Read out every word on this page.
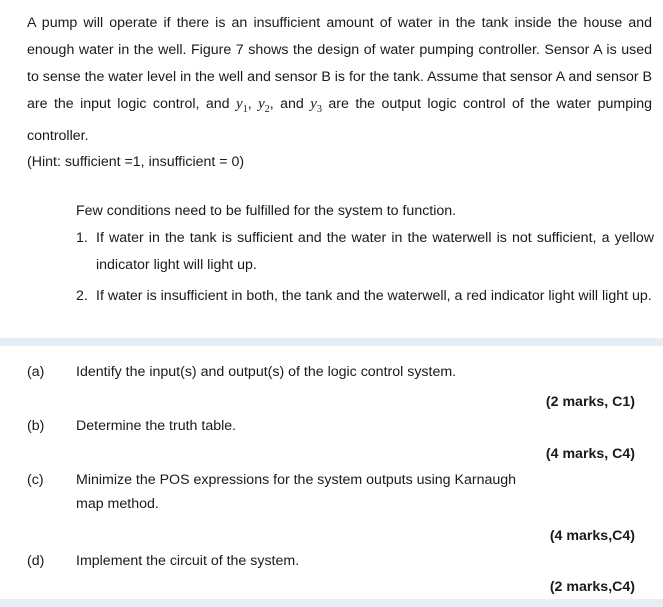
A pump will operate if there is an insufficient amount of water in the tank inside the house and enough water in the well. Figure 7 shows the design of water pumping controller. Sensor A is used to sense the water level in the well and sensor B is for the tank. Assume that sensor A and sensor B are the input logic control, and $y_1$, $y_2$, and $y_3$ are the output logic control of the water pumping controller.

(Hint: sufficient =1, insufficient = 0)

Few conditions need to be fulfilled for the system to function.

1. If water in the tank is sufficient and the water in the waterwell is not sufficient, a yellow indicator light will light up.
2. If water is insufficient in both, the tank and the waterwell, a red indicator light will light up.
(a) Identify the input(s) and output(s) of the logic control system.
(2 marks, C1)
(b) Determine the truth table.
(4 marks, C4)
(c) Minimize the POS expressions for the system outputs using Karnaugh map method.
(4 marks,C4)
(d) Implement the circuit of the system.
(2 marks,C4)
